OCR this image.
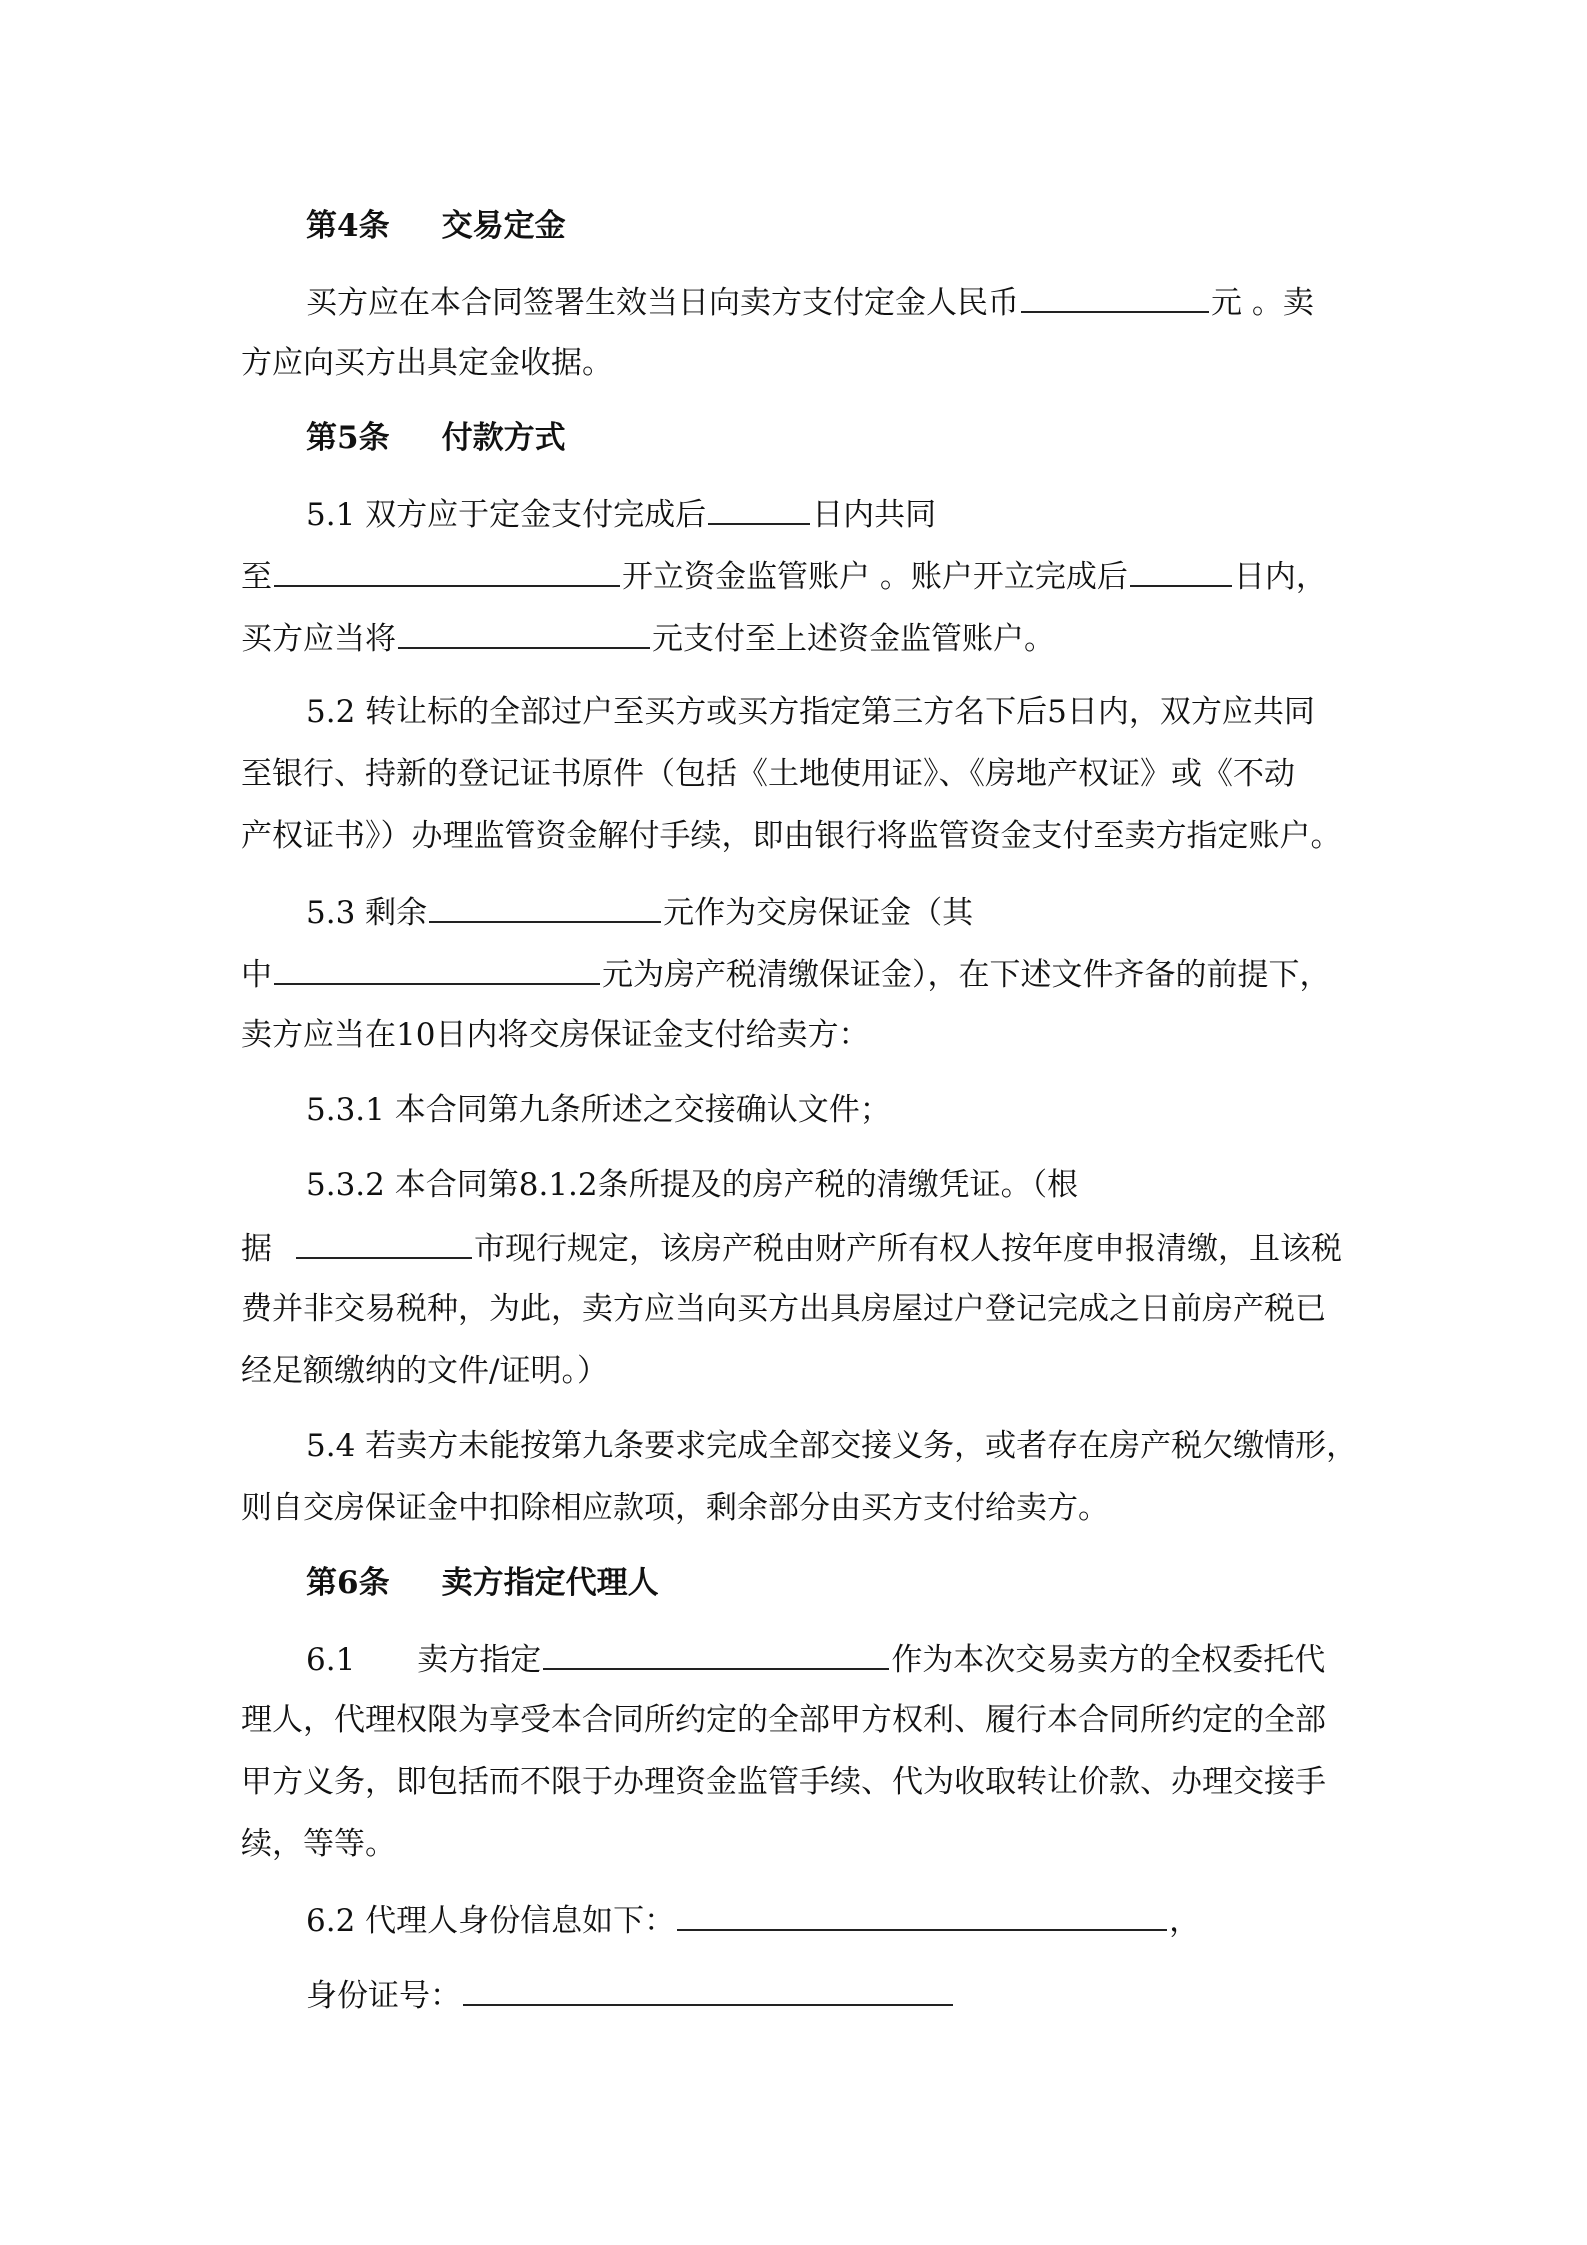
第4条 交易定金
买方应在本合同签署生效当日向卖方支付定金人民币	元 。卖
方应向买方出具定金收据。
第5条 付款方式
5.1 双方应于定金支付完成后	日内共同
至	开立资金监管账户 。账户开立完成后	日内，
买方应当将	元支付至上述资金监管账户。
5.2 转让标的全部过户至买方或买方指定第三方名下后5日内，双方应共同
至银行、持新的登记证书原件（包括《土地使用证》、《房地产权证》或《不动
产权证书》）办理监管资金解付手续，即由银行将监管资金支付至卖方指定账户。
5.3 剩余	元作为交房保证金（其
中	元为房产税清缴保证金），在下述文件齐备的前提下，
卖方应当在10日内将交房保证金支付给卖方：
5.3.1 本合同第九条所述之交接确认文件；
5.3.2 本合同第8.1.2条所提及的房产税的清缴凭证。（根
据	市现行规定，该房产税由财产所有权人按年度申报清缴，且该税
费并非交易税种，为此，卖方应当向买方出具房屋过户登记完成之日前房产税已
经足额缴纳的文件/证明。）
5.4 若卖方未能按第九条要求完成全部交接义务，或者存在房产税欠缴情形，
则自交房保证金中扣除相应款项，剩余部分由买方支付给卖方。
第6条 卖方指定代理人
6.1　　卖方指定	作为本次交易卖方的全权委托代
理人，代理权限为享受本合同所约定的全部甲方权利、履行本合同所约定的全部
甲方义务，即包括而不限于办理资金监管手续、代为收取转让价款、办理交接手
续，等等。
6.2 代理人身份信息如下：	，
身份证号：
